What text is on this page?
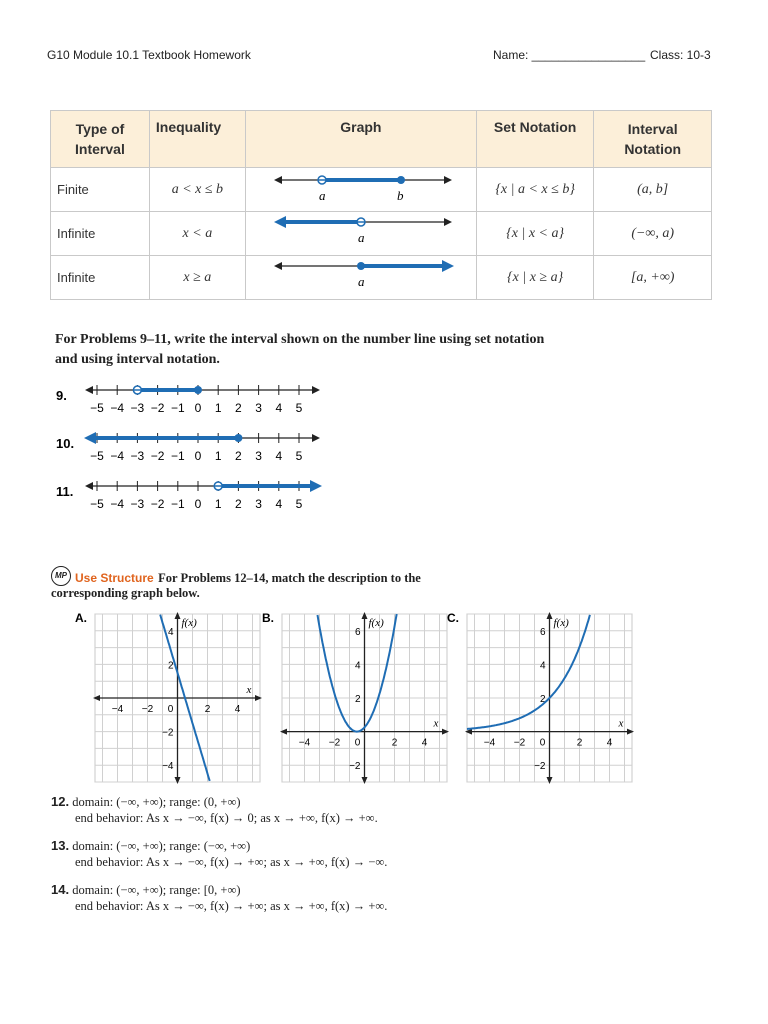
G10 Module 10.1 Textbook Homework	Name: _________________ Class: 10-3
Type of Interval	Inequality	Graph	Set Notation	Interval Notation
Finite	a < x ≤ b	a b	{x | a < x ≤ b}	(a, b]
Infinite	x < a	a	{x | x < a}	(−∞, a)
Infinite	x ≥ a	a	{x | x ≥ a}	[a, +∞)
For Problems 9–11, write the interval shown on the number line using set notation
and using interval notation.
9.
−5 −4 −3 −2 −1 0 1 2 3 4 5
10.
−5 −4 −3 −2 −1 0 1 2 3 4 5
11.
−5 −4 −3 −2 −1 0 1 2 3 4 5
MP Use Structure For Problems 12–14, match the description to the
corresponding graph below.
A.
−4 −2 0	2 4
4
2
−2
−4
f(x)
x
B.
−4 −2 0	2 4
6
4
2
−2
f(x)
x
C.
−4 −2 0	2 4
6
4
2
−2
f(x)
x
12. domain: (−∞, +∞); range: (0, +∞)
end behavior: As x → −∞, f(x) → 0; as x → +∞, f(x) → +∞.
13. domain: (−∞, +∞); range: (−∞, +∞)
end behavior: As x → −∞, f(x) → +∞; as x → +∞, f(x) → −∞.
14. domain: (−∞, +∞); range: [0, +∞)
end behavior: As x → −∞, f(x) → +∞; as x → +∞, f(x) → +∞.
